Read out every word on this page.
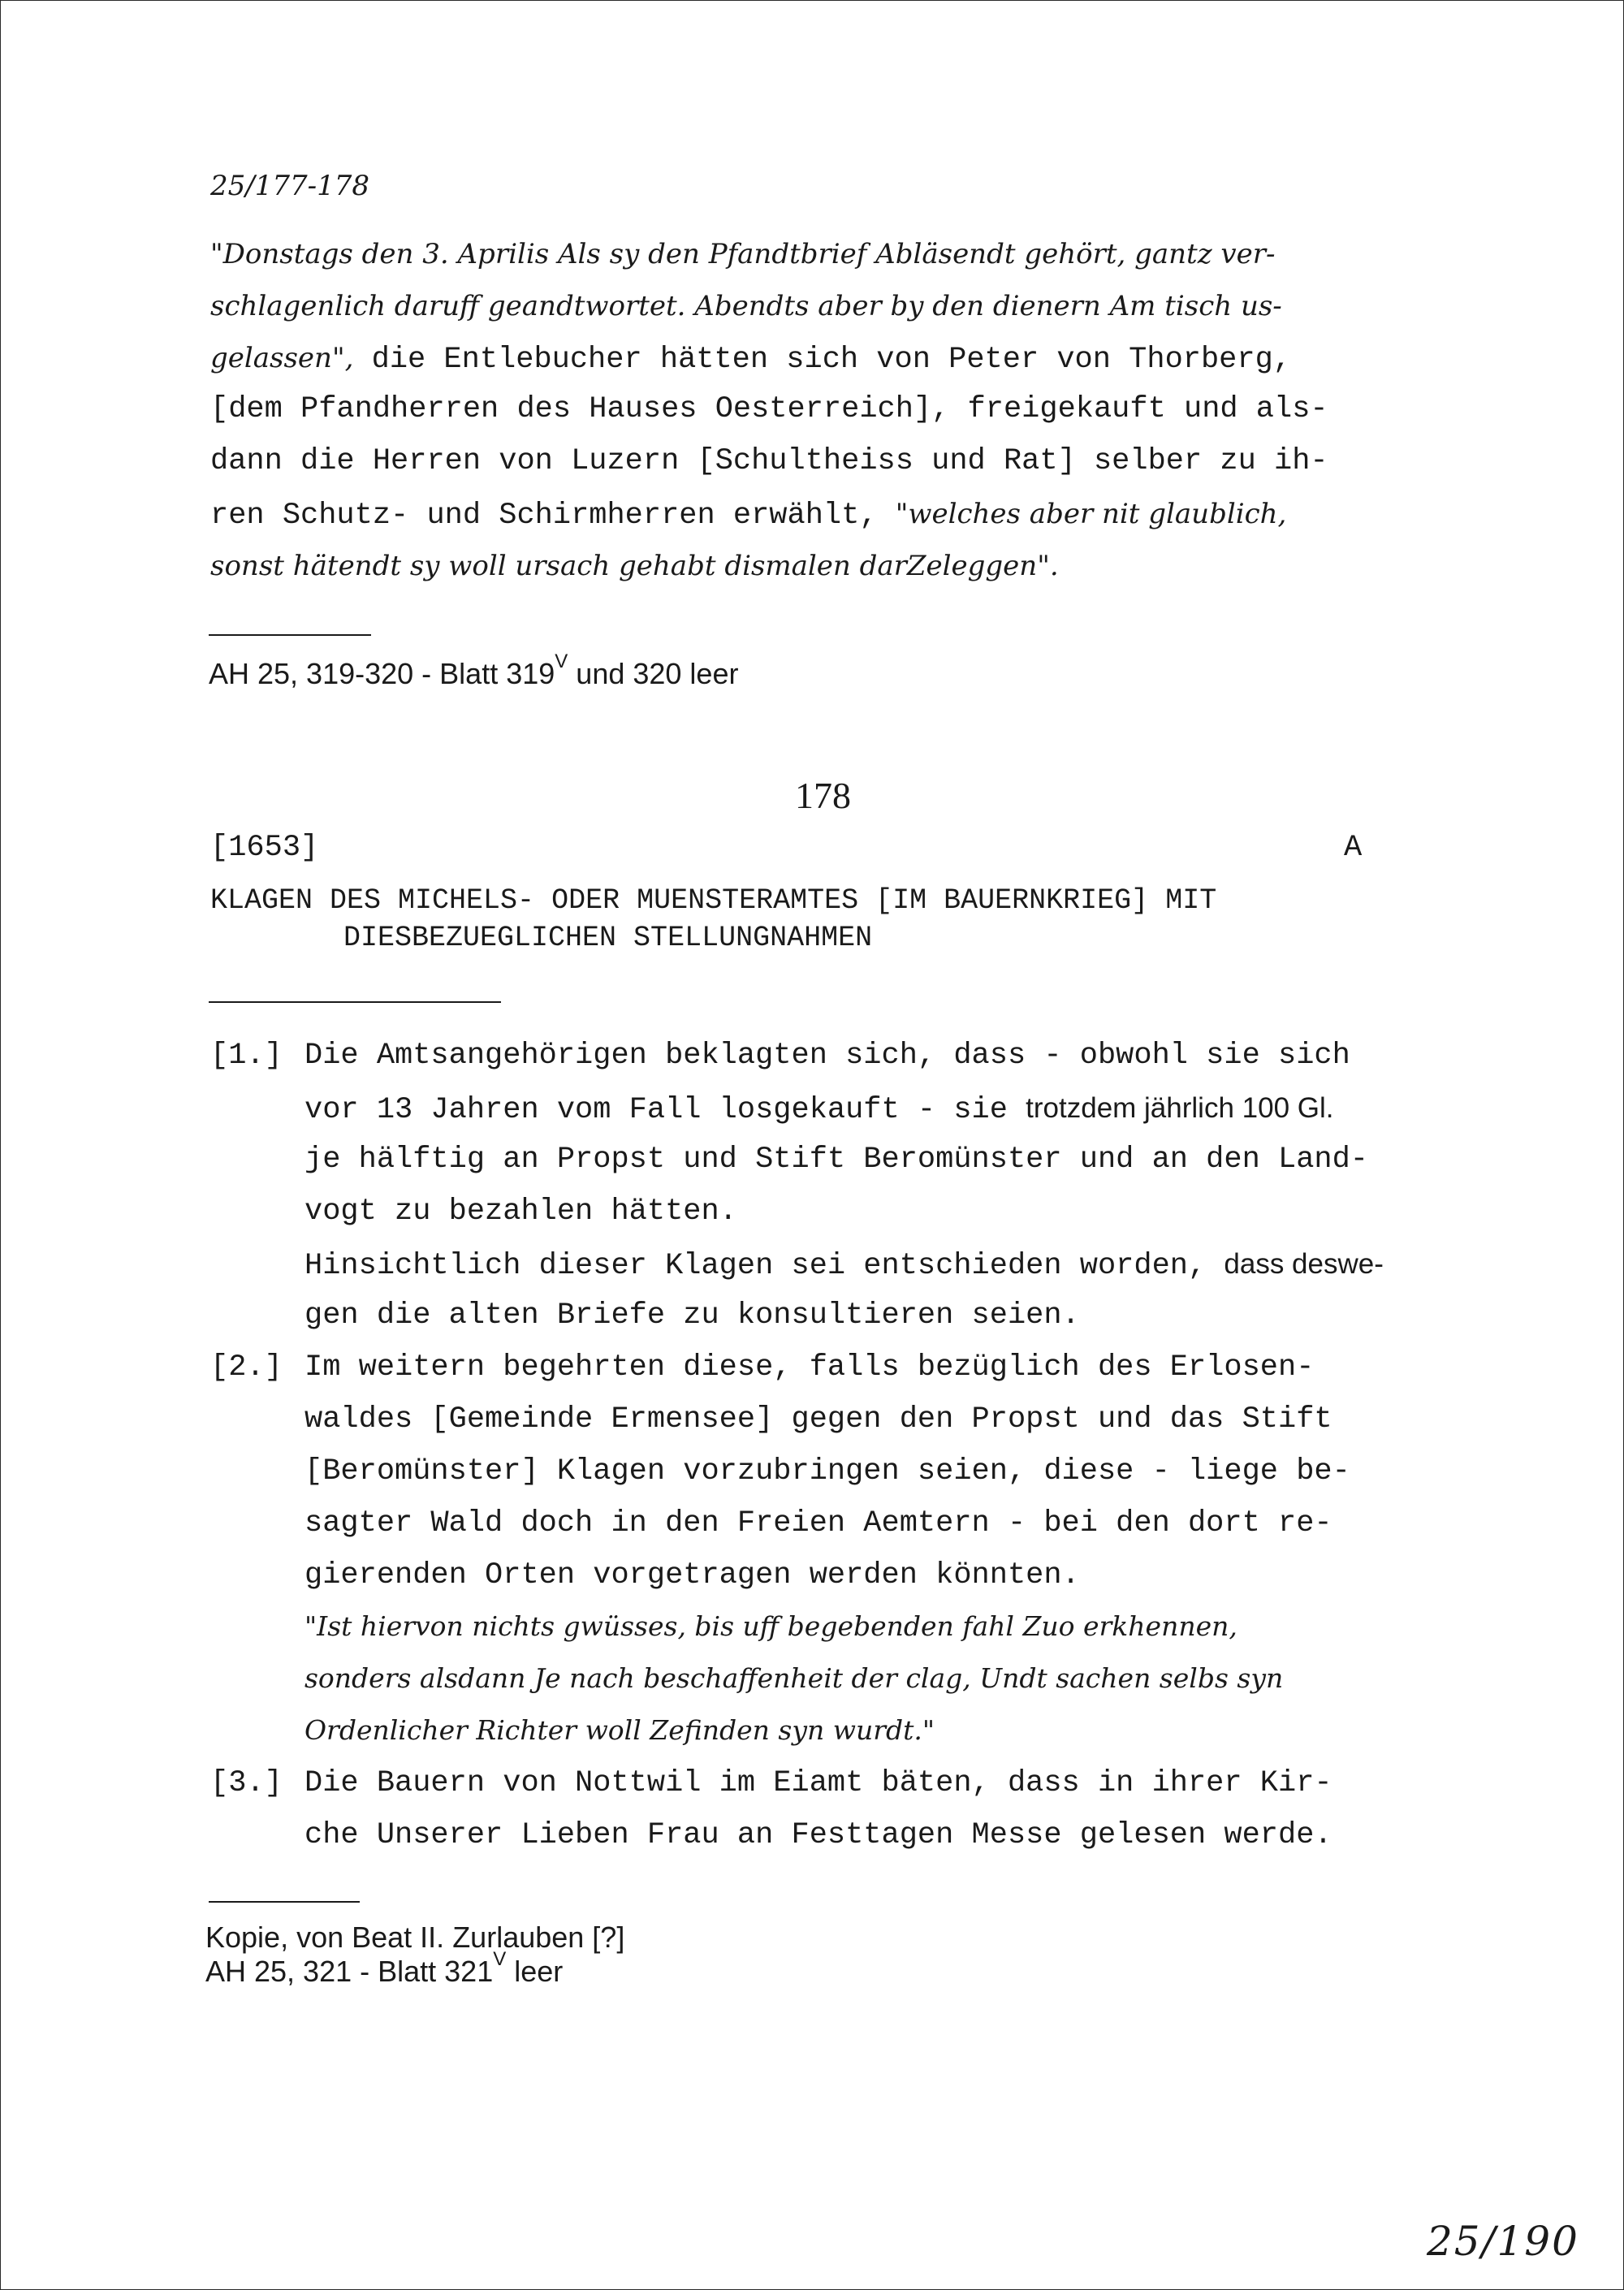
25/177-178
"Donstags den 3. Aprilis Als sy den Pfandtbrief Abläsendt gehört, gantz ver-
schlagenlich daruff geandtwortet. Abendts aber by den dienern Am tisch us-
gelassen", die Entlebucher hätten sich von Peter von Thorberg,
[dem Pfandherren des Hauses Oesterreich], freigekauft und als-
dann die Herren von Luzern [Schultheiss und Rat] selber zu ih-
ren Schutz- und Schirmherren erwählt, "welches aber nit glaublich,
sonst hätendt sy woll ursach gehabt dismalen darZeleggen".
AH 25, 319-320 - Blatt $319^V$ und 320 leer
178
[1653]	A
KLAGEN DES MICHELS- ODER MUENSTERAMTES [IM BAUERNKRIEG] MIT
DIESBEZUEGLICHEN STELLUNGNAHMEN
[1.] Die Amtsangehörigen beklagten sich, dass - obwohl sie sich
vor 13 Jahren vom Fall losgekauft - sie trotzdem jährlich 100 Gl.
je hälftig an Propst und Stift Beromünster und an den Land-
vogt zu bezahlen hätten.
Hinsichtlich dieser Klagen sei entschieden worden, dass deswe-
gen die alten Briefe zu konsultieren seien.
[2.] Im weitern begehrten diese, falls bezüglich des Erlosen-
waldes [Gemeinde Ermensee] gegen den Propst und das Stift
[Beromünster] Klagen vorzubringen seien, diese - liege be-
sagter Wald doch in den Freien Aemtern - bei den dort re-
gierenden Orten vorgetragen werden könnten.
"Ist hiervon nichts gwüsses, bis uff begebenden fahl Zuo erkhennen,
sonders alsdann Je nach beschaffenheit der clag, Undt sachen selbs syn
Ordenlicher Richter woll Zefinden syn wurdt."
[3.] Die Bauern von Nottwil im Eiamt bäten, dass in ihrer Kir-
che Unserer Lieben Frau an Festtagen Messe gelesen werde.
Kopie, von Beat II. Zurlauben [?]
AH 25, 321 - Blatt $321^V$ leer
25/190
